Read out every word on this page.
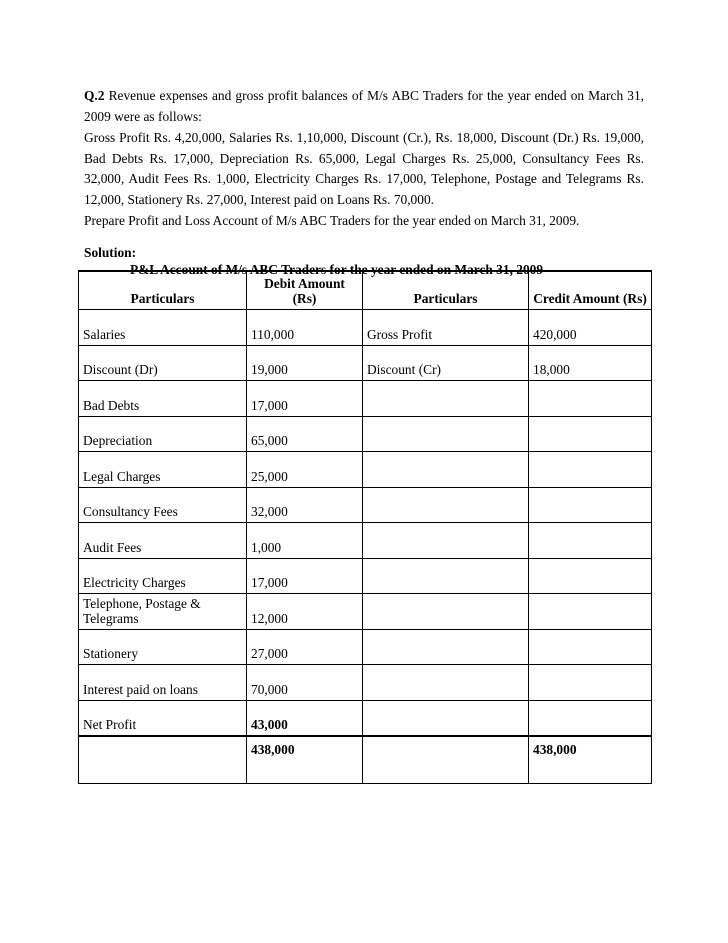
Q.2 Revenue expenses and gross profit balances of M/s ABC Traders for the year ended on March 31, 2009 were as follows:

Gross Profit Rs. 4,20,000, Salaries Rs. 1,10,000, Discount (Cr.), Rs. 18,000, Discount (Dr.) Rs. 19,000, Bad Debts Rs. 17,000, Depreciation Rs. 65,000, Legal Charges Rs. 25,000, Consultancy Fees Rs. 32,000, Audit Fees Rs. 1,000, Electricity Charges Rs. 17,000, Telephone, Postage and Telegrams Rs. 12,000, Stationery Rs. 27,000, Interest paid on Loans Rs. 70,000.

Prepare Profit and Loss Account of M/s ABC Traders for the year ended on March 31, 2009.

Solution:
P&L Account of M/s ABC Traders for the year ended on March 31, 2009
Particulars	Debit Amount (Rs)	Particulars	Credit Amount (Rs)
Salaries	110,000	Gross Profit	420,000
Discount (Dr)	19,000	Discount (Cr)	18,000
Bad Debts	17,000		
Depreciation	65,000		
Legal Charges	25,000		
Consultancy Fees	32,000		
Audit Fees	1,000		
Electricity Charges	17,000		
Telephone, Postage & Telegrams	12,000		
Stationery	27,000		
Interest paid on loans	70,000		
Net Profit	43,000		
	438,000		438,000
